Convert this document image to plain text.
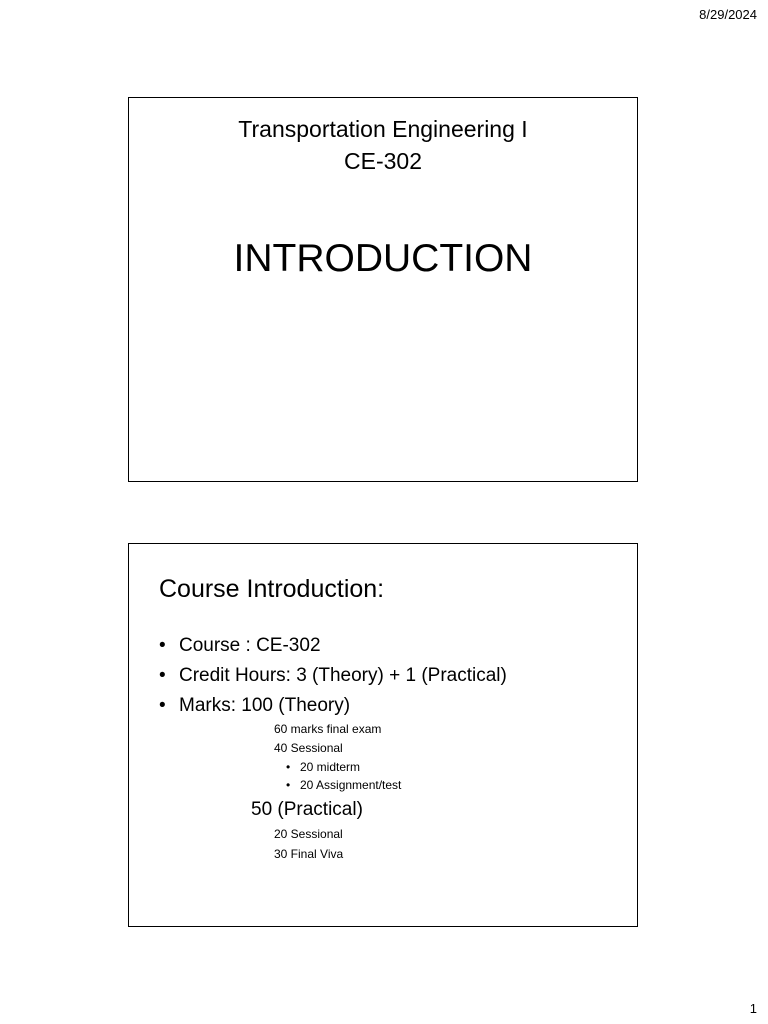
8/29/2024
Transportation Engineering I
CE-302
INTRODUCTION
Course Introduction:
• Course : CE-302
• Credit Hours: 3 (Theory) + 1 (Practical)
• Marks: 100 (Theory)
60 marks final exam
40 Sessional
• 20 midterm
• 20 Assignment/test
50 (Practical)
20 Sessional
30 Final Viva
1
